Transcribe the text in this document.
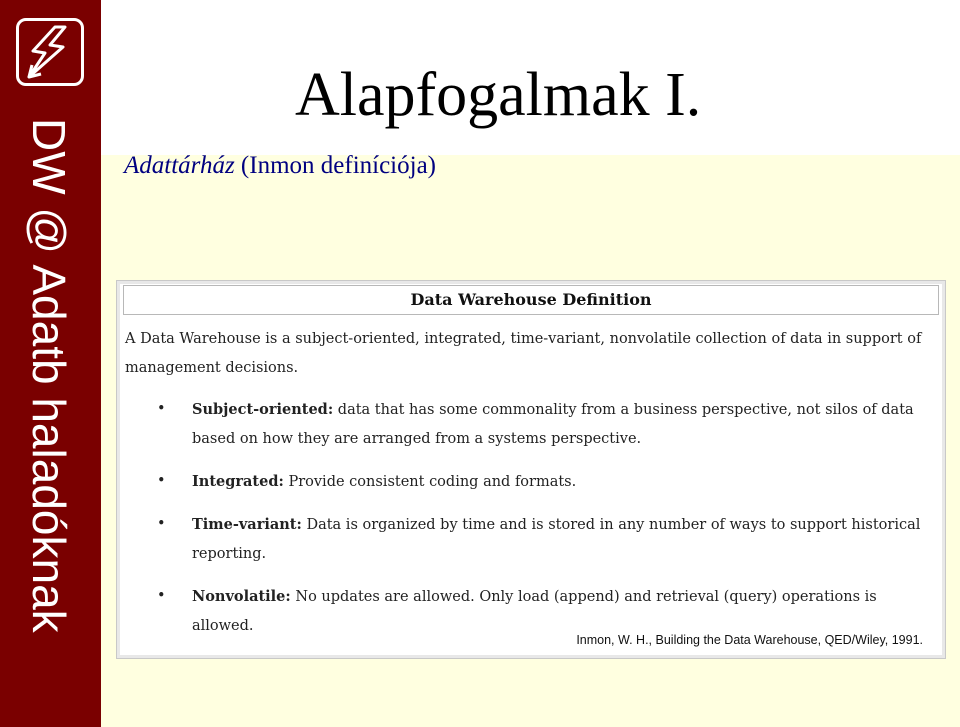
DW @ Adatb haladóknak
Alapfogalmak I.
Adattárház (Inmon definíciója)
Data Warehouse Definition

A Data Warehouse is a subject-oriented, integrated, time-variant, nonvolatile collection of data in support of management decisions.

• Subject-oriented: data that has some commonality from a business perspective, not silos of data based on how they are arranged from a systems perspective.
• Integrated: Provide consistent coding and formats.
• Time-variant: Data is organized by time and is stored in any number of ways to support historical reporting.
• Nonvolatile: No updates are allowed. Only load (append) and retrieval (query) operations is allowed.
Inmon, W. H., Building the Data Warehouse, QED/Wiley, 1991.
